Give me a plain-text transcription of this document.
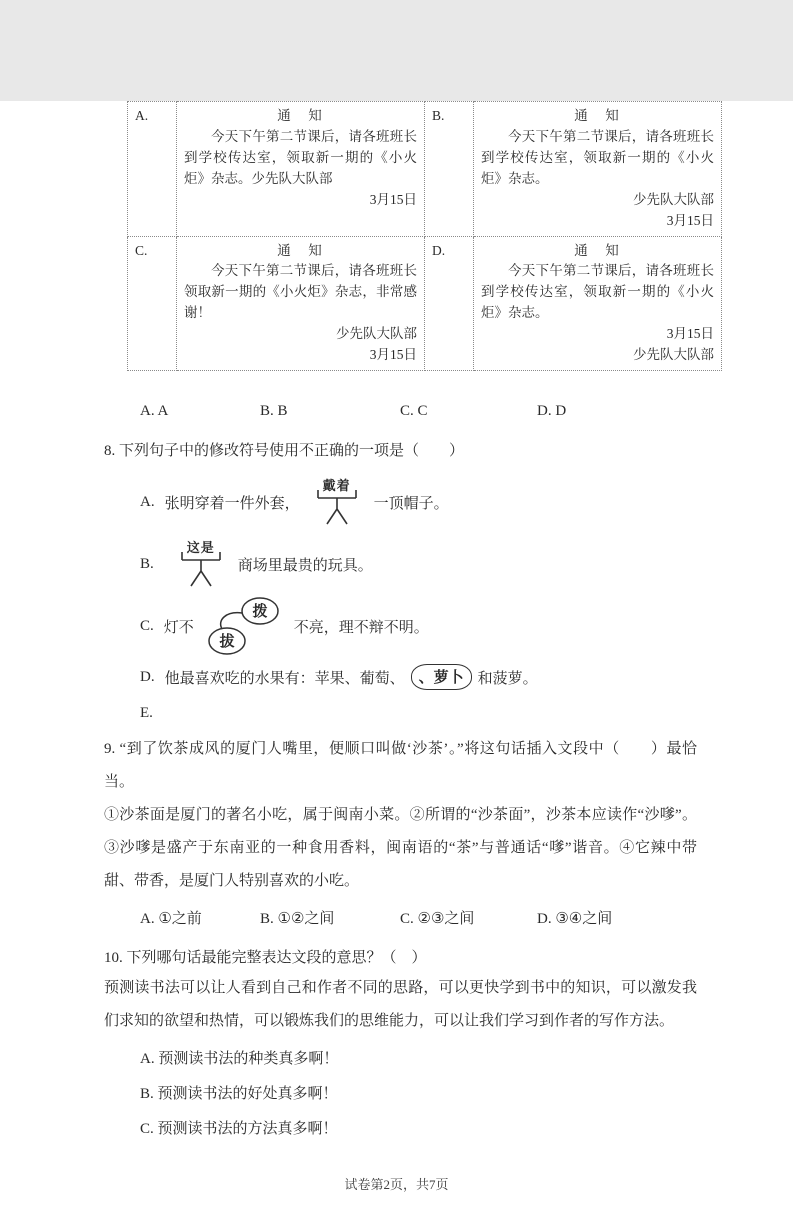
A.	通　知
今天下午第二节课后，请各班班长到学校传达室，领取新一期的《小火炬》杂志。少先队大队部
3月15日
	B.	通　知
今天下午第二节课后，请各班班长到学校传达室，领取新一期的《小火炬》杂志。
少先队大队部
3月15日

C.	通　知
今天下午第二节课后，请各班班长领取新一期的《小火炬》杂志，非常感谢！
少先队大队部
3月15日
	D.	通　知
今天下午第二节课后，请各班班长到学校传达室，领取新一期的《小火炬》杂志。
3月15日
少先队大队部
A. A	B. B	C. C	D. D
8. 下列句子中的修改符号使用不正确的一项是（　　）
A. 张明穿着一件外套，
戴着
一顶帽子。
B.
这是
商场里最贵的玩具。
C. 灯不
拨
拔
不亮，理不辩不明。
D. 他最喜欢吃的水果有：苹果、葡萄、 、萝卜 和菠萝。
E.
9. “到了饮茶成风的厦门人嘴里，便顺口叫做‘沙茶’。”将这句话插入文段中（　　）最恰当。
①沙茶面是厦门的著名小吃，属于闽南小菜。②所谓的“沙茶面”，沙茶本应读作“沙嗲”。③沙嗲是盛产于东南亚的一种食用香料，闽南语的“茶”与普通话“嗲”谐音。④它辣中带甜、带香，是厦门人特别喜欢的小吃。
A. ①之前	B. ①②之间	C. ②③之间	D. ③④之间
10. 下列哪句话最能完整表达文段的意思？（　）
预测读书法可以让人看到自己和作者不同的思路，可以更快学到书中的知识，可以激发我们求知的欲望和热情，可以锻炼我们的思维能力，可以让我们学习到作者的写作方法。
A. 预测读书法的种类真多啊！
B. 预测读书法的好处真多啊！
C. 预测读书法的方法真多啊！
试卷第2页，共7页
